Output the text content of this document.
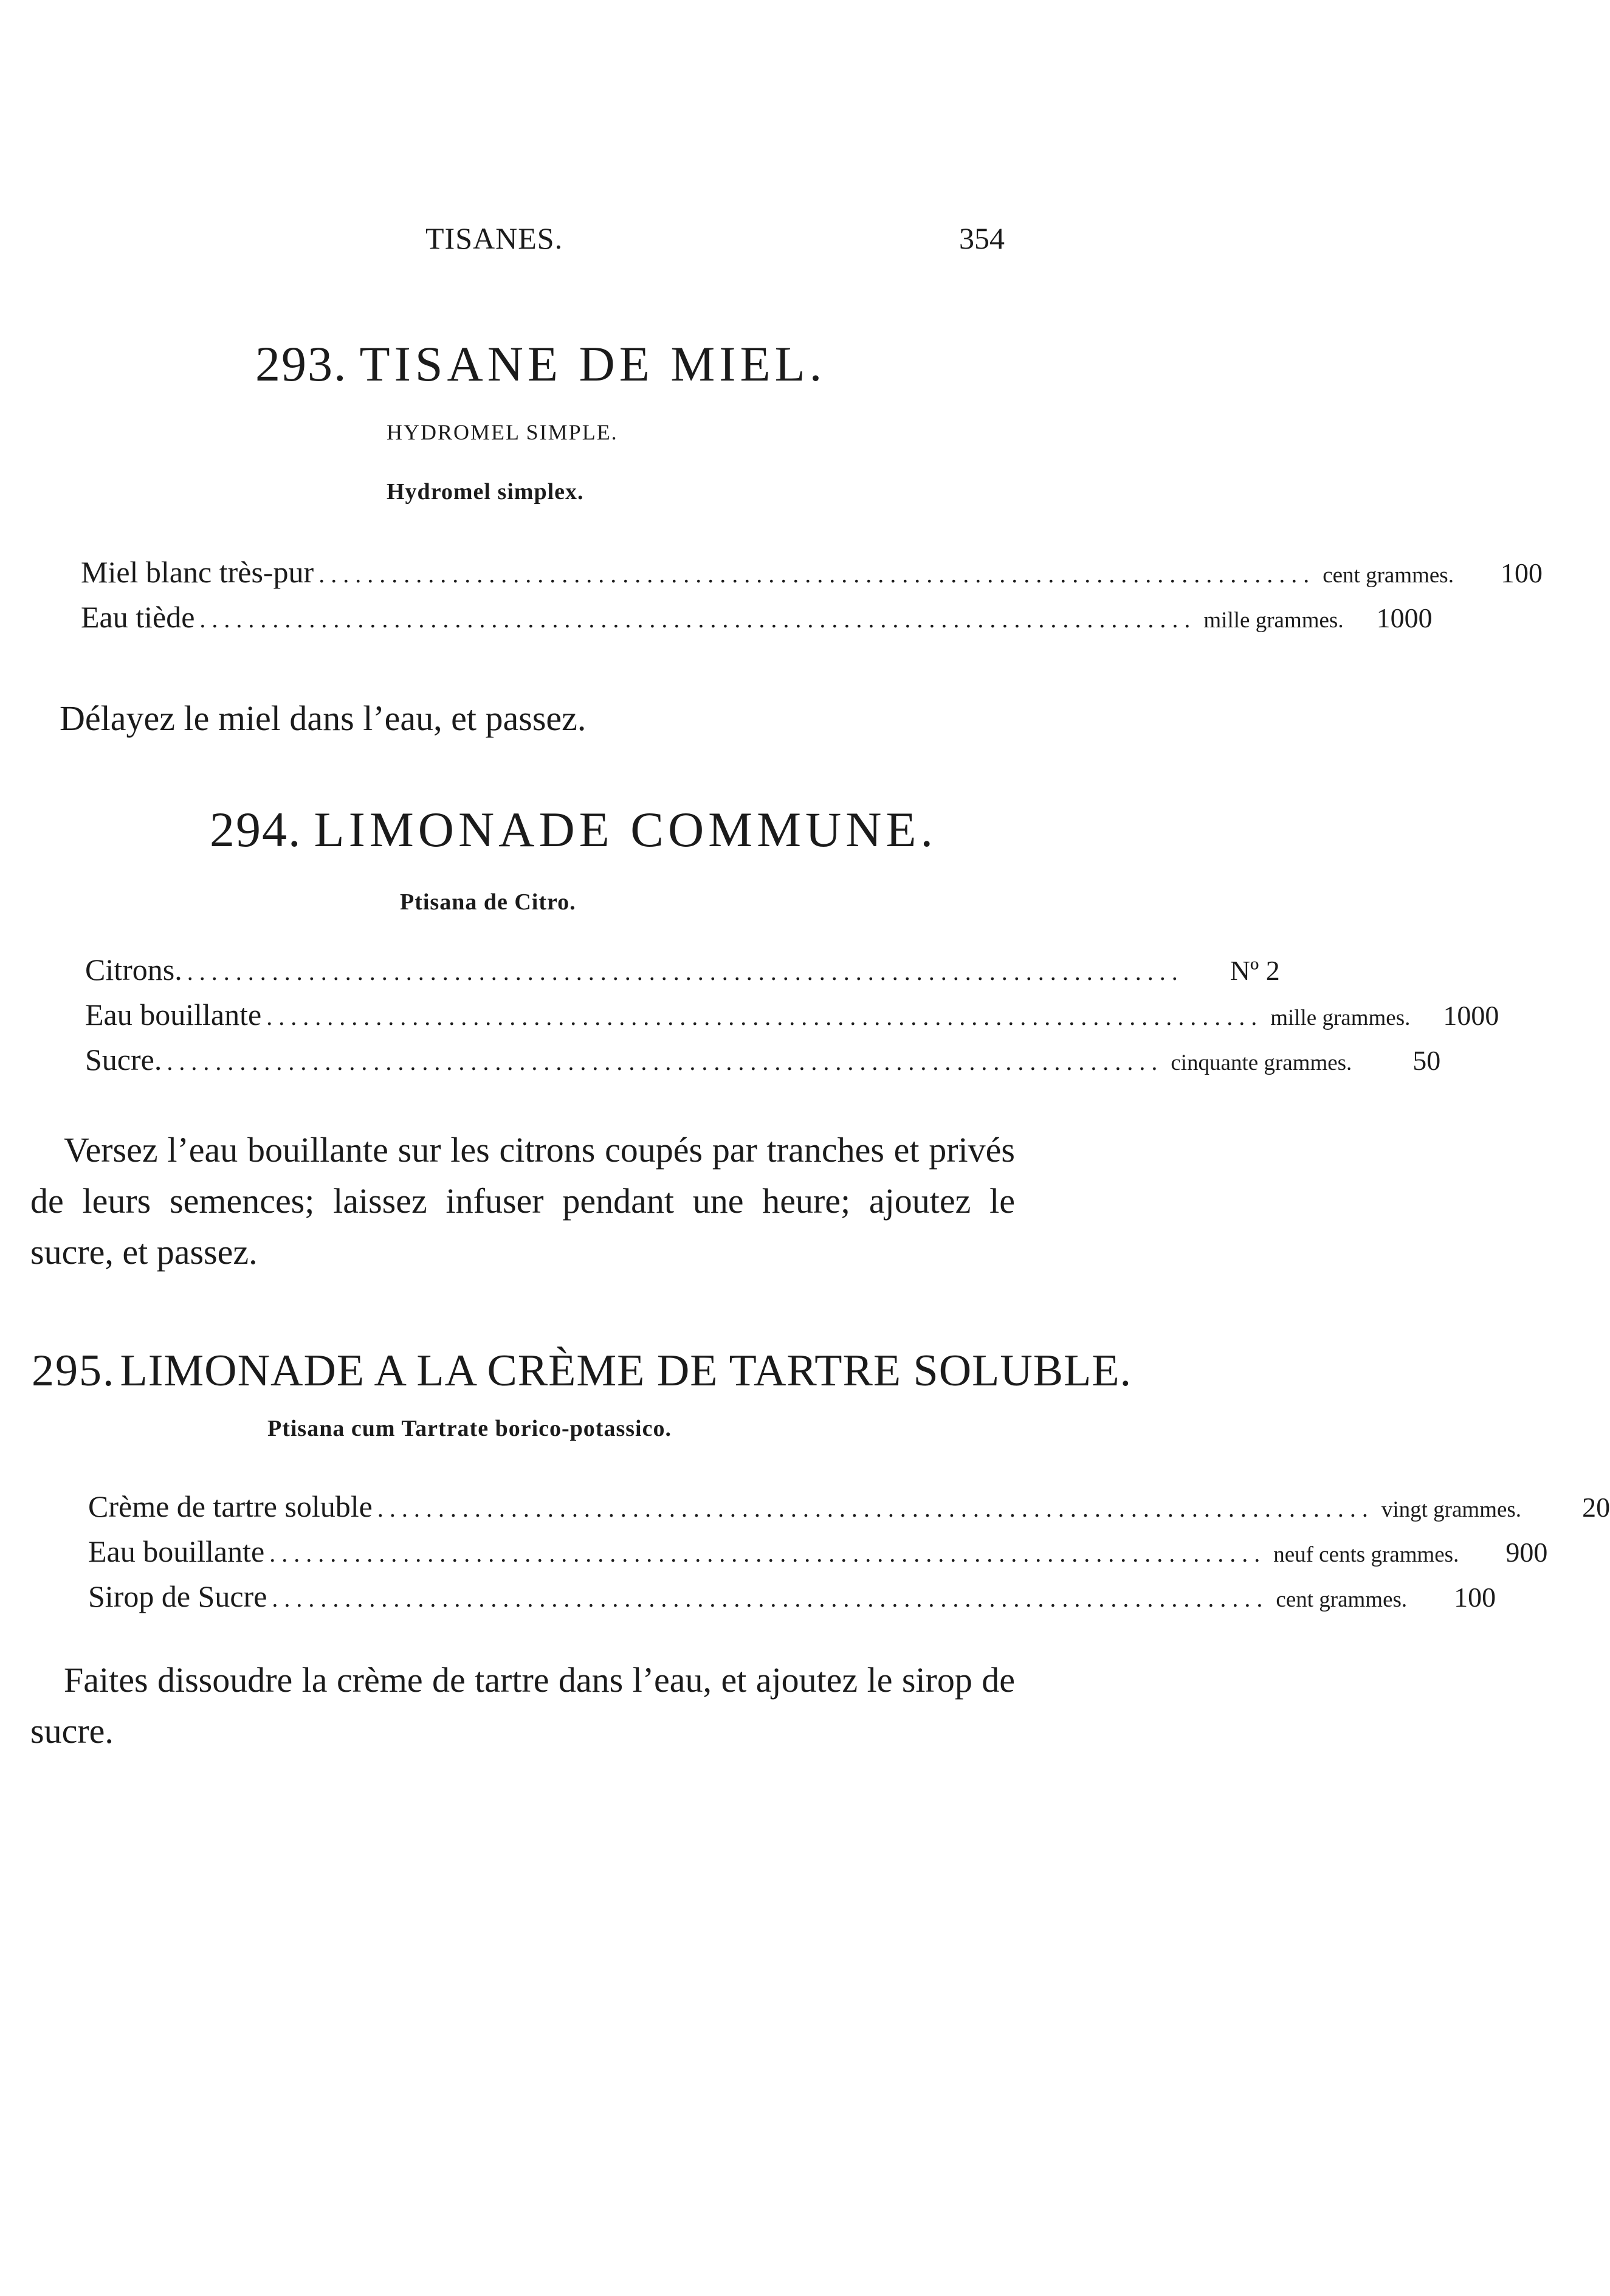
TISANES.	354
293. TISANE DE MIEL.
HYDROMEL SIMPLE.
Hydromel simplex.
Miel blanc très-pur .................................................................................. cent grammes.	100
Eau tiède .................................................................................. mille grammes.	1000
Délayez le miel dans l’eau, et passez.
294. LIMONADE COMMUNE.
Ptisana de Citro.
Citrons. ..................................................................................	Nº 2
Eau bouillante .................................................................................. mille grammes.	1000
Sucre. .................................................................................. cinquante grammes.	50
Versez l’eau bouillante sur les citrons coupés par tranches et privés de leurs semences; laissez infuser pendant une heure; ajoutez le sucre, et passez.
295. LIMONADE A LA CRÈME DE TARTRE SOLUBLE.
Ptisana cum Tartrate borico-potassico.
Crème de tartre soluble .................................................................................. vingt grammes.	20
Eau bouillante .................................................................................. neuf cents grammes.	900
Sirop de Sucre .................................................................................. cent grammes.	100
Faites dissoudre la crème de tartre dans l’eau, et ajoutez le sirop de sucre.
